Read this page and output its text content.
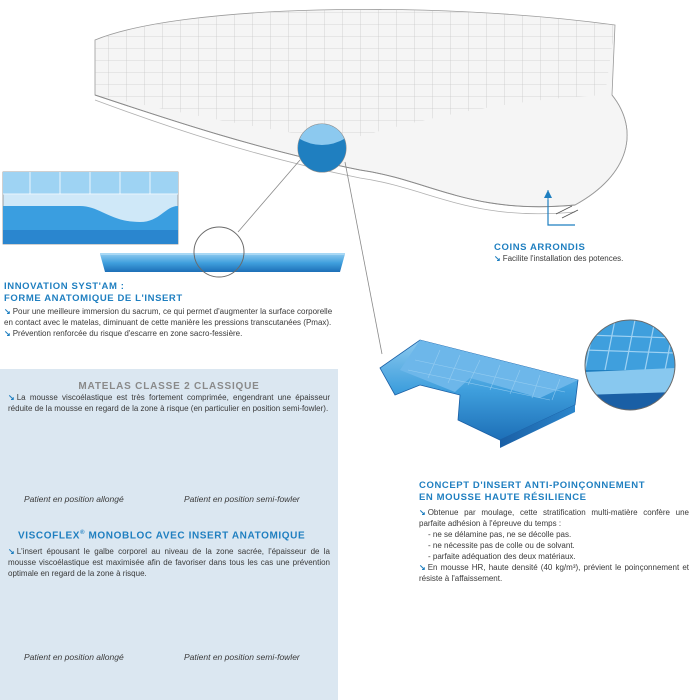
COINS ARRONDIS
↘ Facilite l'installation des potences.
INNOVATION SYST'AM :
FORME ANATOMIQUE DE L'INSERT
↘ Pour une meilleure immersion du sacrum, ce qui permet d'augmenter la surface corporelle en contact avec le matelas, diminuant de cette manière les pressions transcutanées (Pmax).
↘ Prévention renforcée du risque d'escarre en zone sacro-fessière.
CONCEPT D'INSERT ANTI-POINÇONNEMENT
EN MOUSSE HAUTE RÉSILIENCE

↘ Obtenue par moulage, cette stratification multi-matière confère une parfaite adhésion à l'épreuve du temps :

- ne se délamine pas, ne se décolle pas.
- ne nécessite pas de colle ou de solvant.
- parfaite adéquation des deux matériaux.

↘ En mousse HR, haute densité (40 kg/m³), prévient le poinçonnement et résiste à l'affaissement.

MATELAS CLASSE 2 CLASSIQUE

↘ La mousse viscoélastique est très fortement comprimée, engendrant une épaisseur réduite de la mousse en regard de la zone à risque (en particulier en position semi-fowler).

Patient en position allongé	Patient en position semi-fowler
VISCOFLEX® MONOBLOC AVEC INSERT ANATOMIQUE

↘ L'insert épousant le galbe corporel au niveau de la zone sacrée, l'épaisseur de la mousse viscoélastique est maximisée afin de favoriser dans tous les cas une prévention optimale en regard de la zone à risque.

Patient en position allongé	Patient en position semi-fowler
